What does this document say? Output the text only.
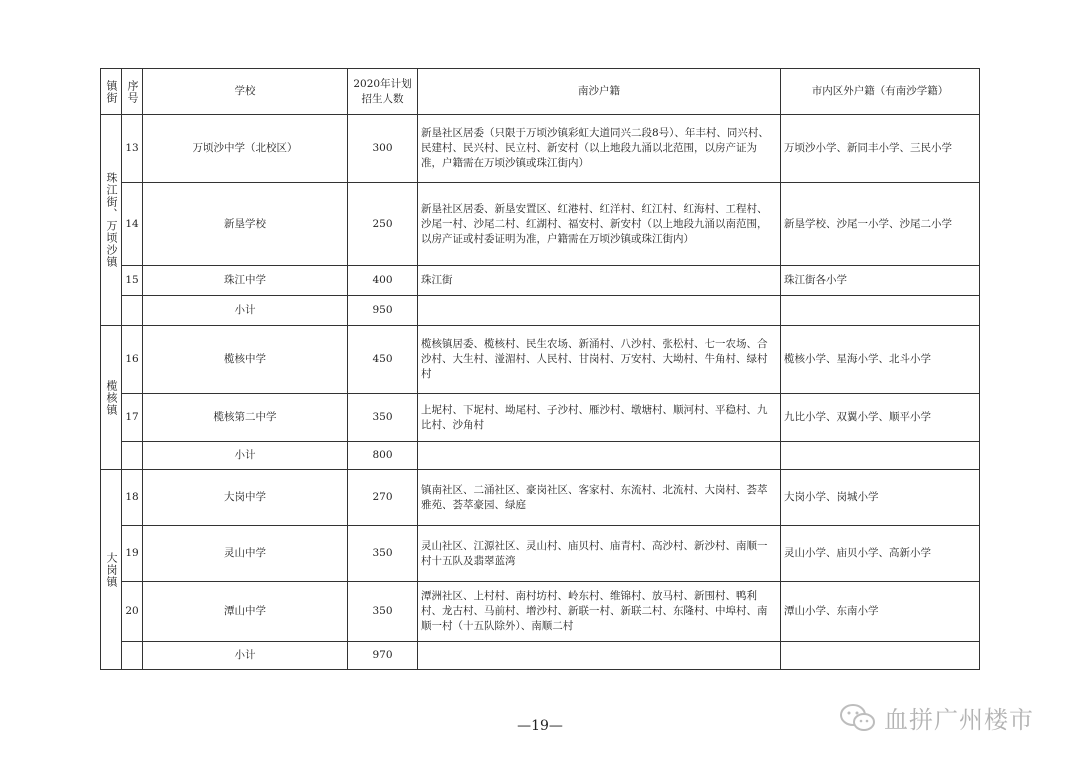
镇街	序号	学校	2020年计划招生人数	南沙户籍	市内区外户籍（有南沙学籍）

珠江街、万顷沙镇	13	万顷沙中学（北校区）	300	新垦社区居委（只限于万顷沙镇彩虹大道同兴二段8号）、年丰村、同兴村、民建村、民兴村、民立村、新安村（以上地段九涌以北范围，以房产证为准，户籍需在万顷沙镇或珠江街内）	万顷沙小学、新同丰小学、三民小学
	14	新垦学校	250	新垦社区居委、新垦安置区、红港村、红洋村、红江村、红海村、工程村、沙尾一村、沙尾二村、红湖村、福安村、新安村（以上地段九涌以南范围，以房产证或村委证明为准，户籍需在万顷沙镇或珠江街内）	新垦学校、沙尾一小学、沙尾二小学
	15	珠江中学	400	珠江街	珠江街各小学
		小计	950		

榄核镇	16	榄核中学	450	榄核镇居委、榄核村、民生农场、新涌村、八沙村、张松村、七一农场、合沙村、大生村、湴湄村、人民村、甘岗村、万安村、大坳村、牛角村、绿村村	榄核小学、星海小学、北斗小学
	17	榄核第二中学	350	上坭村、下坭村、坳尾村、子沙村、雁沙村、墩塘村、顺河村、平稳村、九比村、沙角村	九比小学、双翼小学、顺平小学
		小计	800		

大岗镇	18	大岗中学	270	镇南社区、二涌社区、豪岗社区、客家村、东流村、北流村、大岗村、荟萃雅苑、荟萃豪园、绿庭	大岗小学、岗城小学
	19	灵山中学	350	灵山社区、江源社区、灵山村、庙贝村、庙青村、高沙村、新沙村、南顺一村十五队及翡翠蓝湾	灵山小学、庙贝小学、高新小学
	20	潭山中学	350	潭洲社区、上村村、南村坊村、岭东村、维锦村、放马村、新围村、鸭利村、龙古村、马前村、增沙村、新联一村、新联二村、东隆村、中埠村、南顺一村（十五队除外）、南顺二村	潭山小学、东南小学
		小计	970		
血拼广州楼市
—19—
